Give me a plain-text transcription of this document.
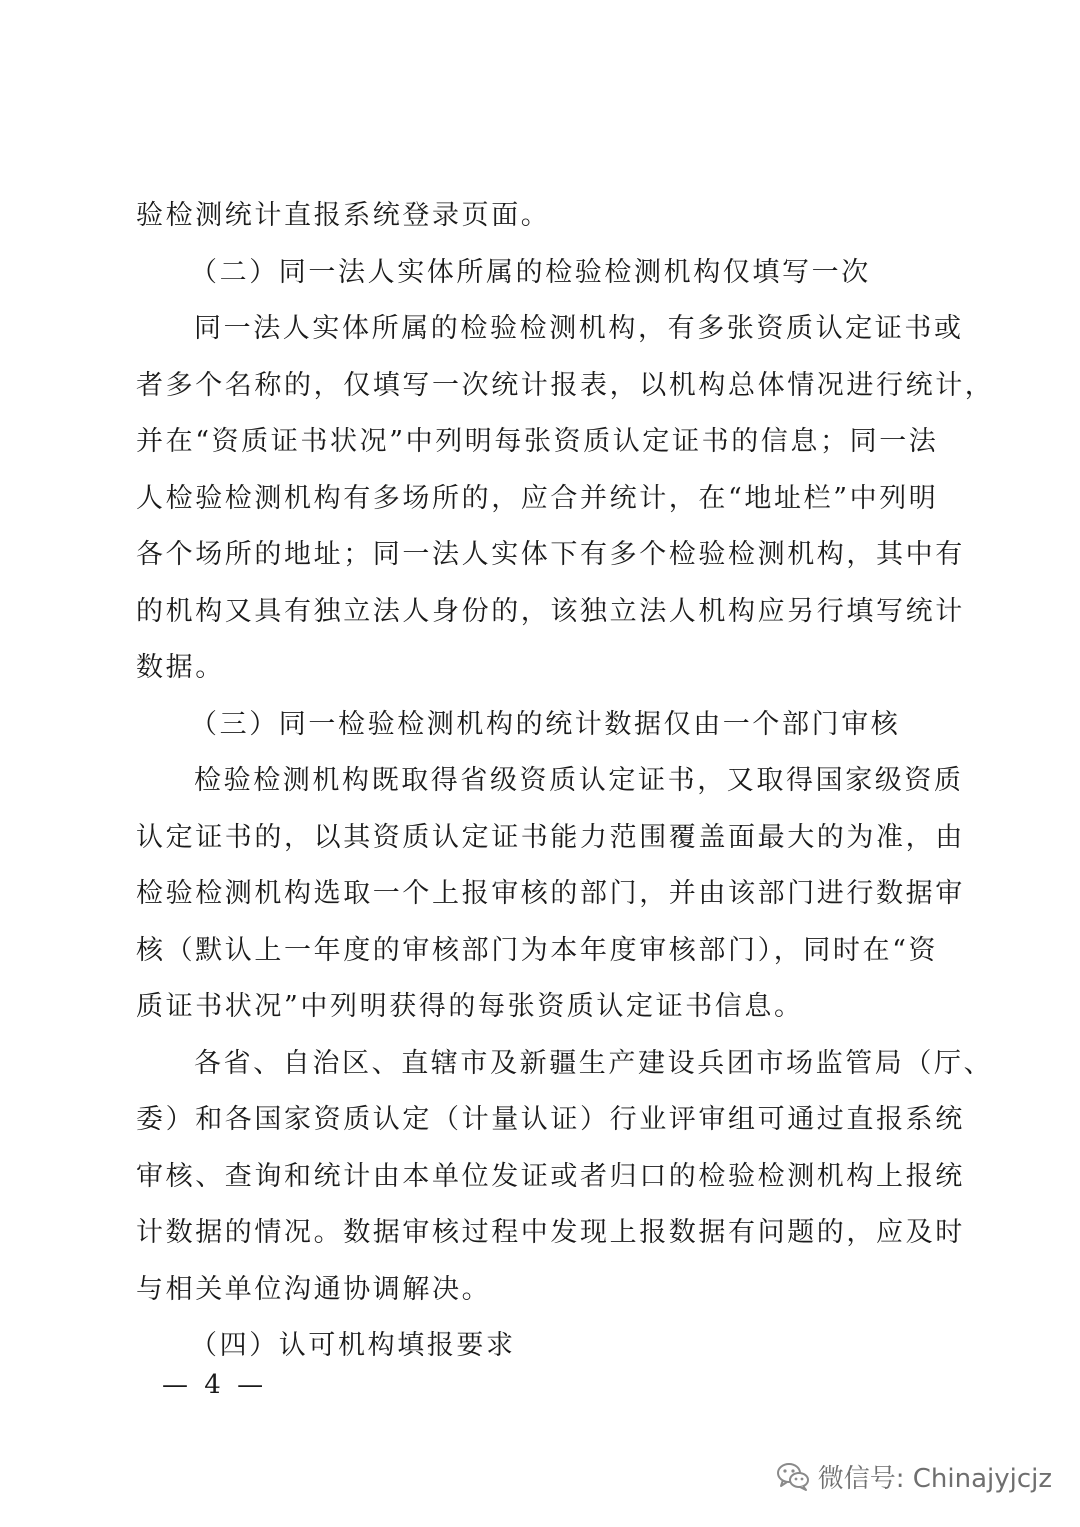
验检测统计直报系统登录页面。
（二）同一法人实体所属的检验检测机构仅填写一次
同一法人实体所属的检验检测机构，有多张资质认定证书或
者多个名称的，仅填写一次统计报表，以机构总体情况进行统计，
并在“资质证书状况”中列明每张资质认定证书的信息；同一法
人检验检测机构有多场所的，应合并统计，在“地址栏”中列明
各个场所的地址；同一法人实体下有多个检验检测机构，其中有
的机构又具有独立法人身份的，该独立法人机构应另行填写统计
数据。
（三）同一检验检测机构的统计数据仅由一个部门审核
检验检测机构既取得省级资质认定证书，又取得国家级资质
认定证书的，以其资质认定证书能力范围覆盖面最大的为准，由
检验检测机构选取一个上报审核的部门，并由该部门进行数据审
核（默认上一年度的审核部门为本年度审核部门），同时在“资
质证书状况”中列明获得的每张资质认定证书信息。
各省、自治区、直辖市及新疆生产建设兵团市场监管局（厅、
委）和各国家资质认定（计量认证）行业评审组可通过直报系统
审核、查询和统计由本单位发证或者归口的检验检测机构上报统
计数据的情况。数据审核过程中发现上报数据有问题的，应及时
与相关单位沟通协调解决。
（四）认可机构填报要求
— 4 —
微信号: Chinajyjcjz
